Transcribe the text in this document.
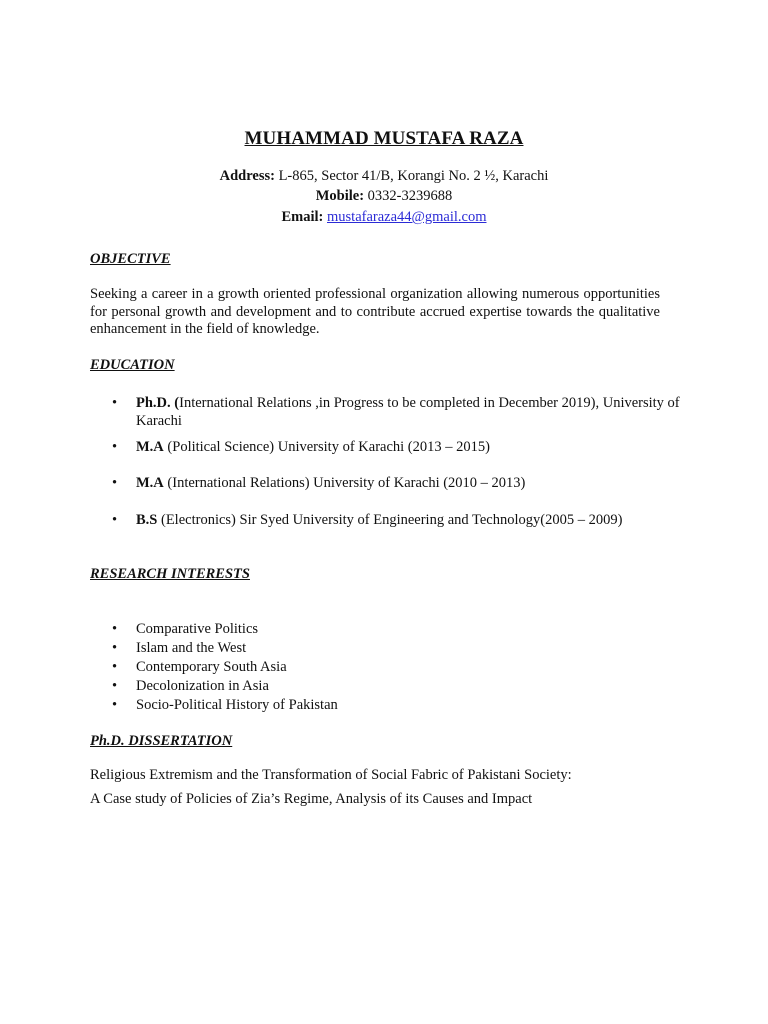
MUHAMMAD MUSTAFA RAZA
Address: L-865, Sector 41/B, Korangi No. 2 ½, Karachi
Mobile: 0332-3239688
Email: mustafaraza44@gmail.com
OBJECTIVE
Seeking a career in a growth oriented professional organization allowing numerous opportunities for personal growth and development and to contribute accrued expertise towards the qualitative enhancement in the field of knowledge.
EDUCATION
• Ph.D. (International Relations ,in Progress to be completed in December 2019), University of Karachi
• M.A (Political Science) University of Karachi (2013 – 2015)
• M.A (International Relations) University of Karachi (2010 – 2013)
• B.S (Electronics) Sir Syed University of Engineering and Technology(2005 – 2009)
RESEARCH INTERESTS
• Comparative Politics
• Islam and the West
• Contemporary South Asia
• Decolonization in Asia
• Socio-Political History of Pakistan
Ph.D. DISSERTATION
Religious Extremism and the Transformation of Social Fabric of Pakistani Society:
A Case study of Policies of Zia’s Regime, Analysis of its Causes and Impact
